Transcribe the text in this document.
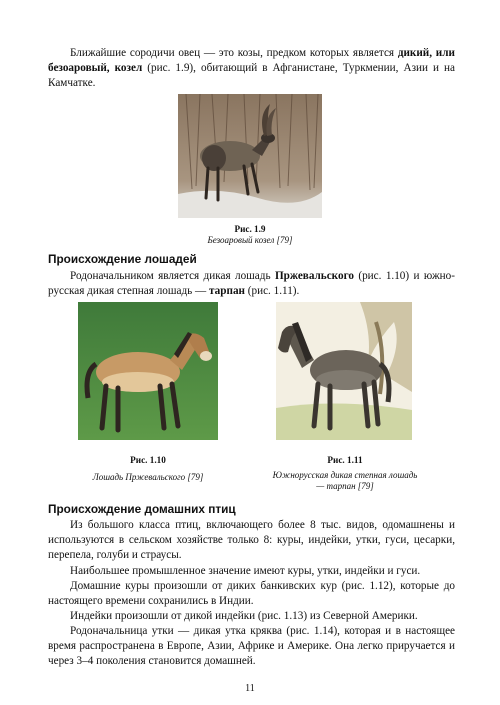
Ближайшие сородичи овец — это козы, предком которых является дикий, или безоаровый, козел (рис. 1.9), обитающий в Афганистане, Туркмении, Азии и на Камчатке.

Рис. 1.9
Безоаровый козел [79]

Происхождение лошадей

Родоначальником является дикая лошадь Пржевальского (рис. 1.10) и южно-русская дикая степная лошадь — тарпан (рис. 1.11).

Рис. 1.10
Лошадь Пржевальского [79]

Рис. 1.11
Южнорусская дикая степная лошадь — тарпан [79]

Происхождение домашних птиц

Из большого класса птиц, включающего более 8 тыс. видов, одомашнены и используются в сельском хозяйстве только 8: куры, индейки, утки, гуси, цесарки, перепела, голуби и страусы.

Наибольшее промышленное значение имеют куры, утки, индейки и гуси.

Домашние куры произошли от диких банкивских кур (рис. 1.12), которые до настоящего времени сохранились в Индии.

Индейки произошли от дикой индейки (рис. 1.13) из Северной Америки.

Родоначальница утки — дикая утка кряква (рис. 1.14), которая и в настоящее время распространена в Европе, Азии, Африке и Америке. Она легко приручается и через 3–4 поколения становится домашней.

11
